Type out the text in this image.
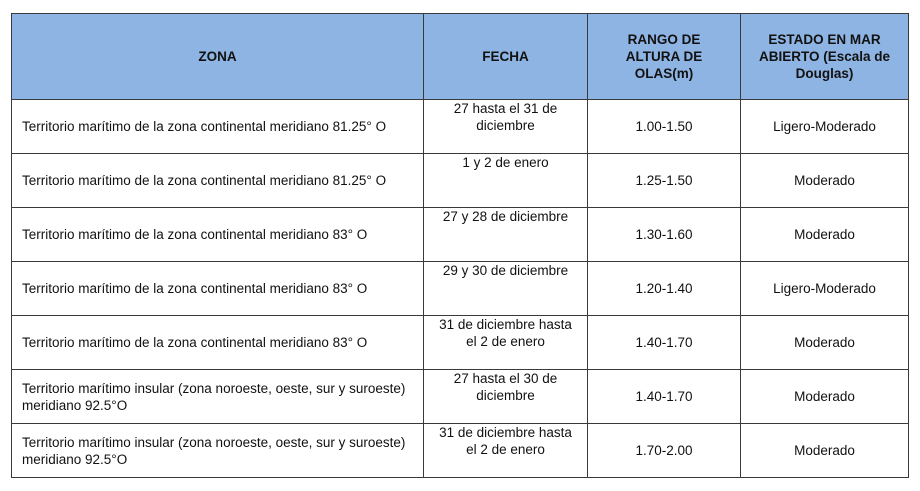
ZONA	FECHA	RANGO DE ALTURA DE OLAS(m)	ESTADO EN MAR ABIERTO (Escala de Douglas)
Territorio marítimo de la zona continental meridiano 81.25° O	27 hasta el 31 de diciembre	1.00-1.50	Ligero-Moderado
Territorio marítimo de la zona continental meridiano 81.25° O	1 y 2 de enero	1.25-1.50	Moderado
Territorio marítimo de la zona continental meridiano 83° O	27 y 28 de diciembre	1.30-1.60	Moderado
Territorio marítimo de la zona continental meridiano 83° O	29 y 30 de diciembre	1.20-1.40	Ligero-Moderado
Territorio marítimo de la zona continental meridiano 83° O	31 de diciembre hasta el 2 de enero	1.40-1.70	Moderado
Territorio marítimo insular (zona noroeste, oeste, sur y suroeste) meridiano 92.5°O	27 hasta el 30 de diciembre	1.40-1.70	Moderado
Territorio marítimo insular (zona noroeste, oeste, sur y suroeste) meridiano 92.5°O	31 de diciembre hasta el 2 de enero	1.70-2.00	Moderado
